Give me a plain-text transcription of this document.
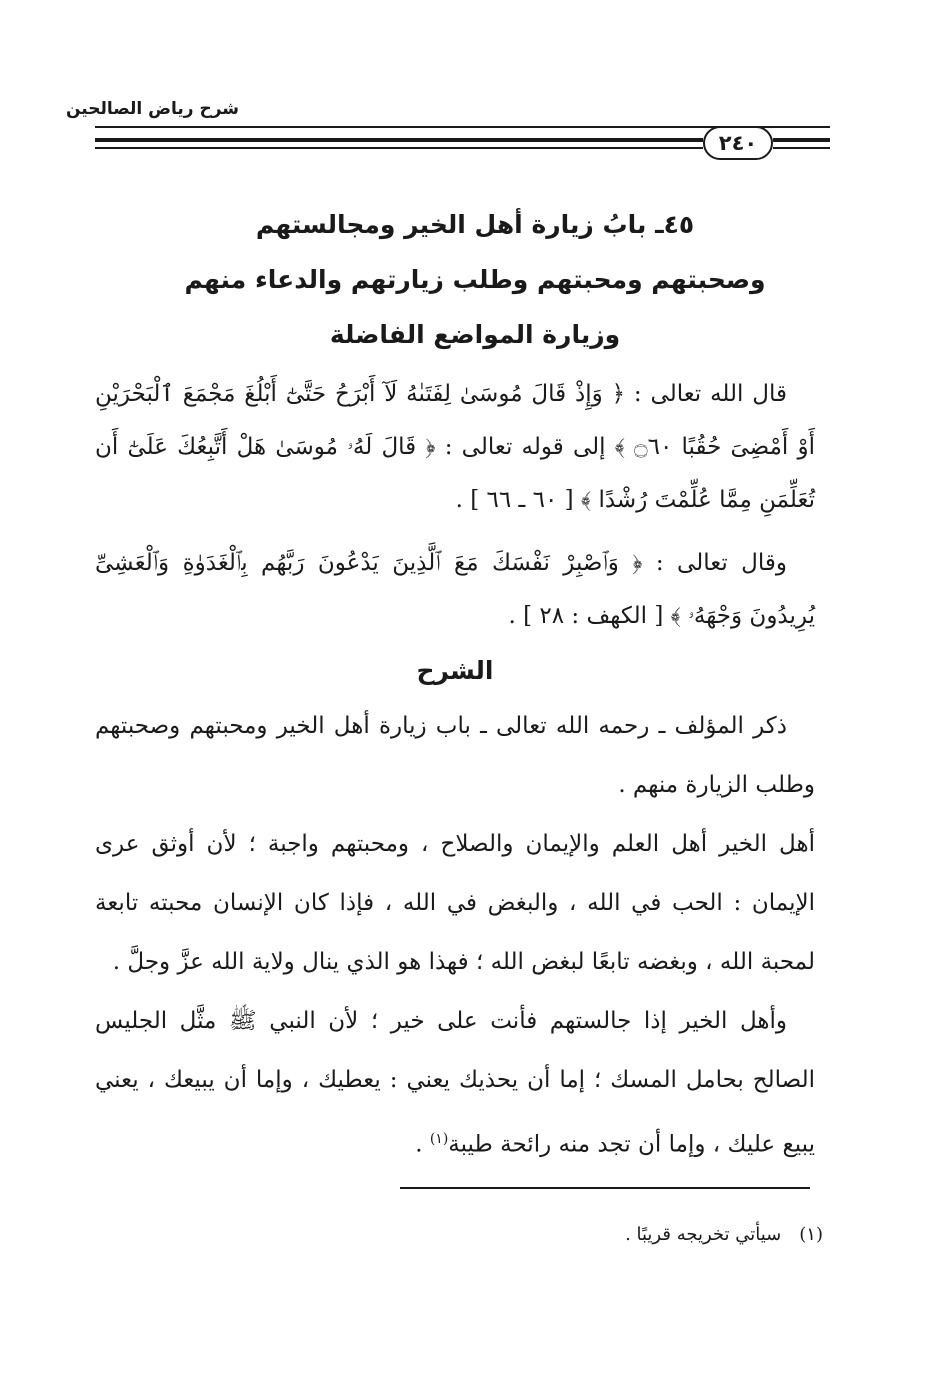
شرح رياض الصالحين
٢٤٠
٤٥ـ بابُ زيارة أهل الخير ومجالستهم
وصحبتهم ومحبتهم وطلب زيارتهم والدعاء منهم
وزيارة المواضع الفاضلة

قال الله تعالى : ﴿ وَإِذْ قَالَ مُوسَىٰ لِفَتَىٰهُ لَآ أَبْرَحُ حَتَّىٰٓ أَبْلُغَ مَجْمَعَ ٱلْبَحْرَيْنِ أَوْ أَمْضِىَ حُقُبًا ۝٦٠ ﴾ إلى قوله تعالى : ﴿ قَالَ لَهُۥ مُوسَىٰ هَلْ أَتَّبِعُكَ عَلَىٰٓ أَن تُعَلِّمَنِ مِمَّا عُلِّمْتَ رُشْدًا ﴾ [ ٦٠ ـ ٦٦ ] .

وقال تعالى : ﴿ وَٱصْبِرْ نَفْسَكَ مَعَ ٱلَّذِينَ يَدْعُونَ رَبَّهُم بِٱلْغَدَوٰةِ وَٱلْعَشِىِّ يُرِيدُونَ وَجْهَهُۥ ﴾ [ الكهف : ٢٨ ] .

الشرح

ذكر المؤلف ـ رحمه الله تعالى ـ باب زيارة أهل الخير ومحبتهم وصحبتهم وطلب الزيارة منهم .

أهل الخير أهل العلم والإيمان والصلاح ، ومحبتهم واجبة ؛ لأن أوثق عرى الإيمان : الحب في الله ، والبغض في الله ، فإذا كان الإنسان محبته تابعة لمحبة الله ، وبغضه تابعًا لبغض الله ؛ فهذا هو الذي ينال ولاية الله عزَّ وجلَّ .

وأهل الخير إذا جالستهم فأنت على خير ؛ لأن النبي ﷺ مثَّل الجليس الصالح بحامل المسك ؛ إما أن يحذيك يعني : يعطيك ، وإما أن يبيعك ، يعني يبيع عليك ، وإما أن تجد منه رائحة طيبة$^{(١)}$ .

(١)سيأتي تخريجه قريبًا .
